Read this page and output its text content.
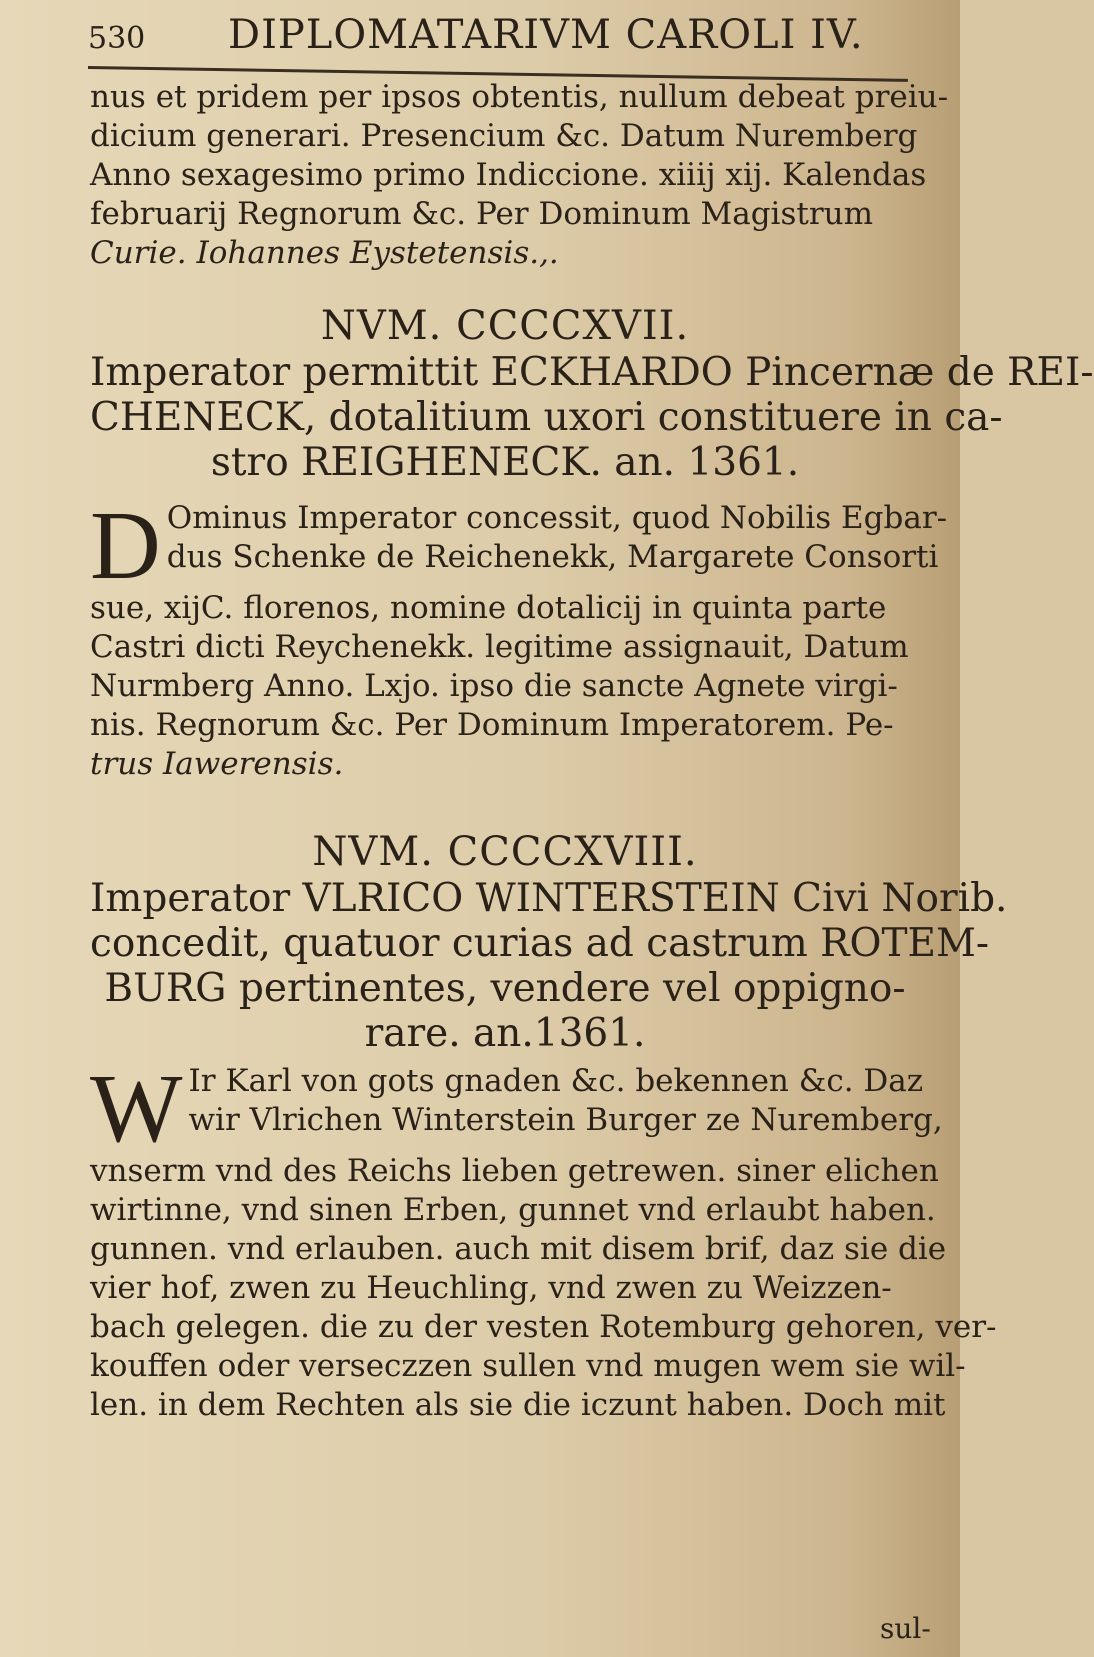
530	DIPLOMATARIVM CAROLI IV.
nus et pridem per ipsos obtentis, nullum debeat preiu-
dicium generari. Presencium &c. Datum Nuremberg
Anno sexagesimo primo Indiccione. xiiij xij. Kalendas
februarij Regnorum &c. Per Dominum Magistrum
Curie. Iohannes Eystetensis.,.
NVM. CCCCXVII.
Imperator permittit ECKHARDO Pincernæ de REI-
CHENECK, dotalitium uxori constituere in ca-
stro REIGHENECK. an. 1361.
D Ominus Imperator concessit, quod Nobilis Egbar-
dus Schenke de Reichenekk, Margarete Consorti
sue, xijC. florenos, nomine dotalicij in quinta parte
Castri dicti Reychenekk. legitime assignauit, Datum
Nurmberg Anno. Lxjo. ipso die sancte Agnete virgi-
nis. Regnorum &c. Per Dominum Imperatorem. Pe-
trus Iawerensis.
NVM. CCCCXVIII.
Imperator VLRICO WINTERSTEIN Civi Norib.
concedit, quatuor curias ad castrum ROTEM-
BURG pertinentes, vendere vel oppigno-
rare. an.1361.
W Ir Karl von gots gnaden &c. bekennen &c. Daz
wir Vlrichen Winterstein Burger ze Nuremberg,
vnserm vnd des Reichs lieben getrewen. siner elichen
wirtinne, vnd sinen Erben, gunnet vnd erlaubt haben.
gunnen. vnd erlauben. auch mit disem brif, daz sie die
vier hof, zwen zu Heuchling, vnd zwen zu Weizzen-
bach gelegen. die zu der vesten Rotemburg gehoren, ver-
kouffen oder verseczzen sullen vnd mugen wem sie wil-
len. in dem Rechten als sie die iczunt haben. Doch mit
sul-
